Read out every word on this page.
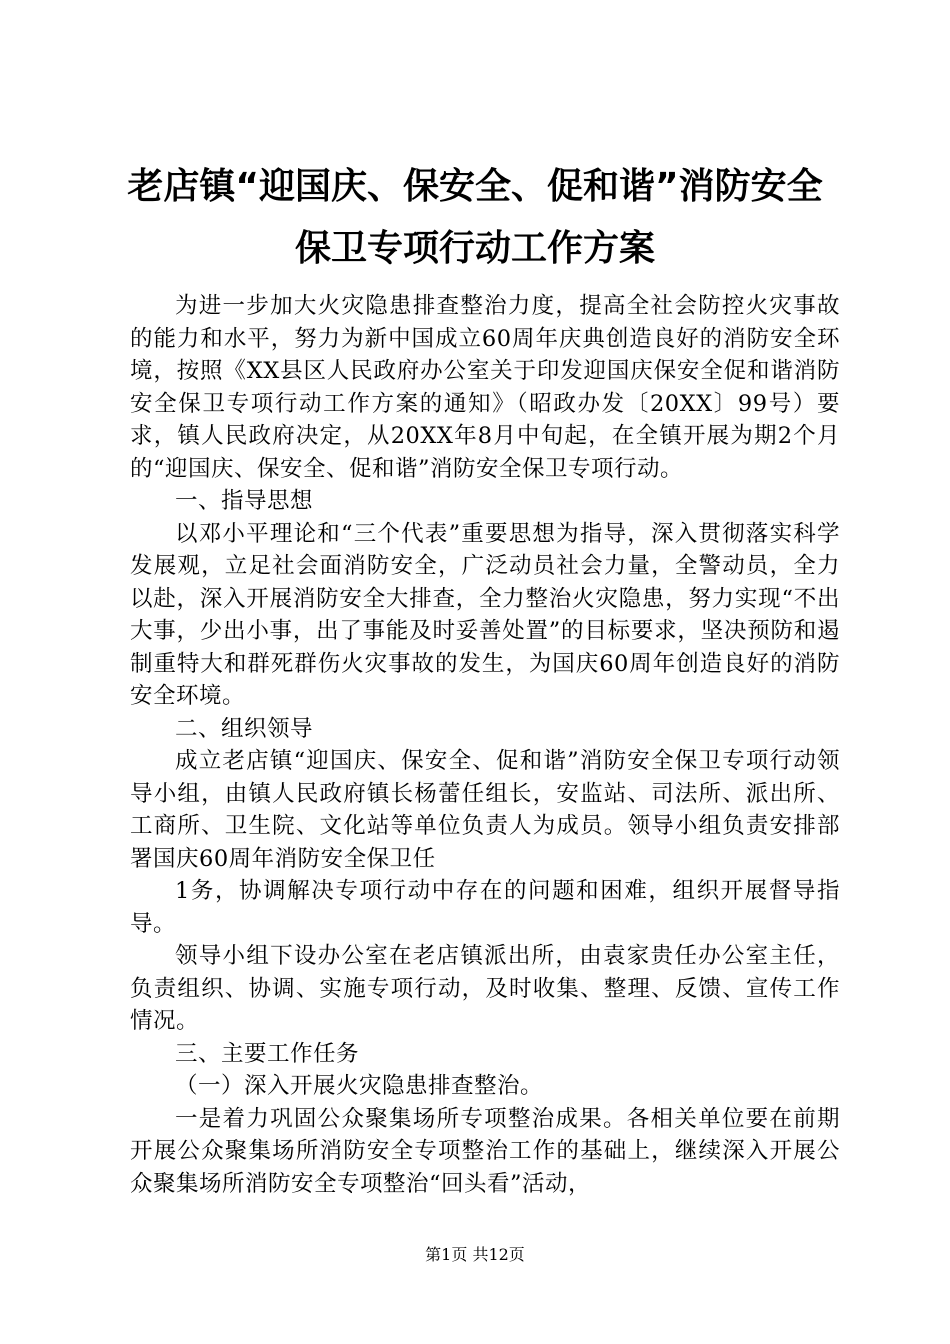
老店镇“迎国庆、保安全、促和谐”消防安全
保卫专项行动工作方案

为进一步加大火灾隐患排查整治力度，提高全社会防控火灾事故的能力和水平，努力为新中国成立60周年庆典创造良好的消防安全环境，按照《XX县区人民政府办公室关于印发迎国庆保安全促和谐消防安全保卫专项行动工作方案的通知》（昭政办发〔20XX〕99号）要求，镇人民政府决定，从20XX年8月中旬起，在全镇开展为期2个月的“迎国庆、保安全、促和谐”消防安全保卫专项行动。

一、指导思想

以邓小平理论和“三个代表”重要思想为指导，深入贯彻落实科学发展观，立足社会面消防安全，广泛动员社会力量，全警动员，全力以赴，深入开展消防安全大排查，全力整治火灾隐患，努力实现“不出大事，少出小事，出了事能及时妥善处置”的目标要求，坚决预防和遏制重特大和群死群伤火灾事故的发生，为国庆60周年创造良好的消防安全环境。

二、组织领导

成立老店镇“迎国庆、保安全、促和谐”消防安全保卫专项行动领导小组，由镇人民政府镇长杨蕾任组长，安监站、司法所、派出所、工商所、卫生院、文化站等单位负责人为成员。领导小组负责安排部署国庆60周年消防安全保卫任

1务，协调解决专项行动中存在的问题和困难，组织开展督导指导。

领导小组下设办公室在老店镇派出所，由袁家贵任办公室主任，负责组织、协调、实施专项行动，及时收集、整理、反馈、宣传工作情况。

三、主要工作任务

（一）深入开展火灾隐患排查整治。

一是着力巩固公众聚集场所专项整治成果。各相关单位要在前期开展公众聚集场所消防安全专项整治工作的基础上，继续深入开展公众聚集场所消防安全专项整治“回头看”活动，

第1页 共12页
